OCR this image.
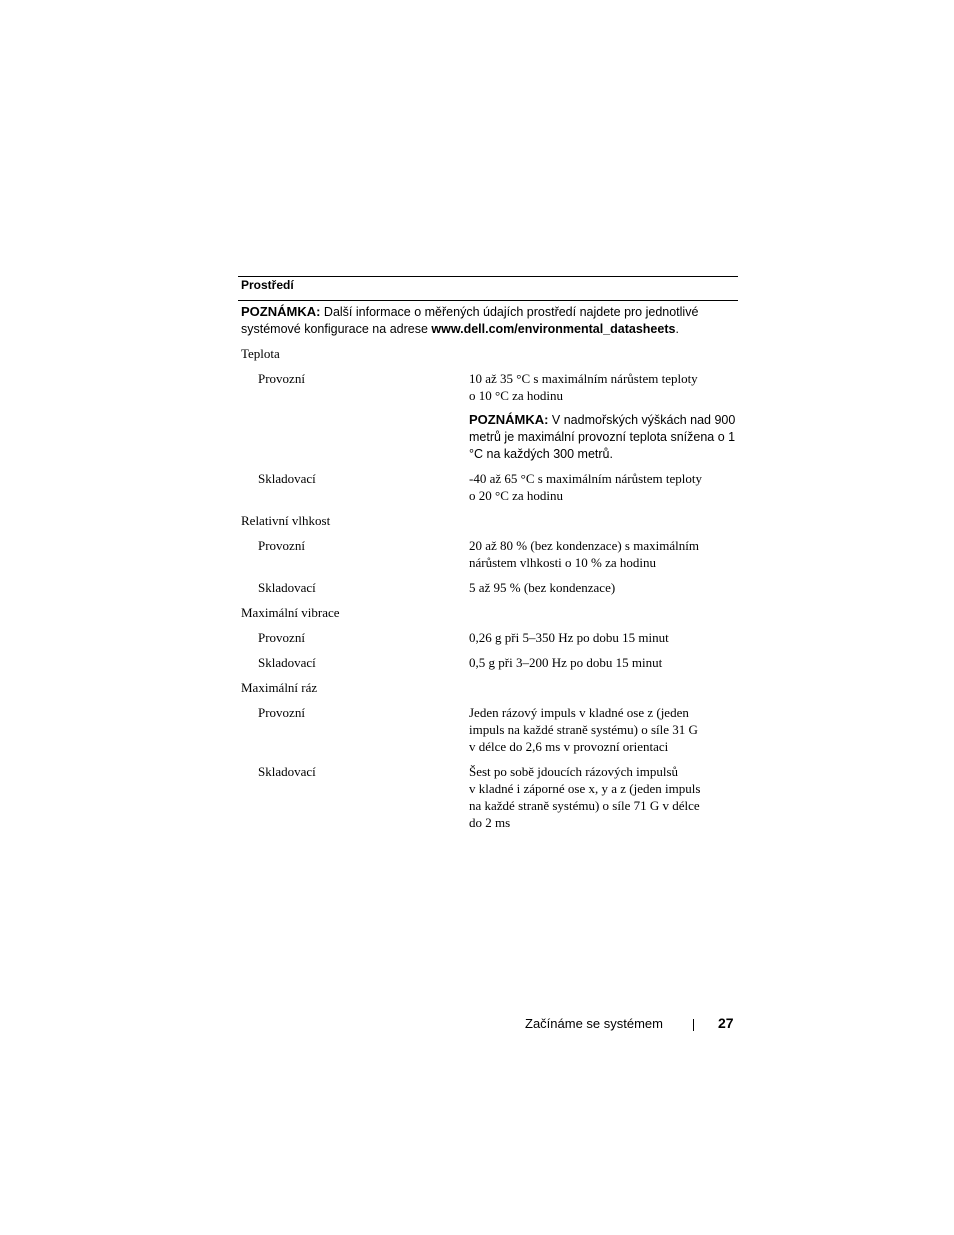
Prostředí
POZNÁMKA: Další informace o měřených údajích prostředí najdete pro jednotlivé systémové konfigurace na adrese www.dell.com/environmental_datasheets.
Teplota
Provozní	10 až 35 °C s maximálním nárůstem teploty
o 10 °C za hodinu
POZNÁMKA: V nadmořských výškách nad 900 metrů je maximální provozní teplota snížena o 1 °C na každých 300 metrů.
Skladovací	-40 až 65 °C s maximálním nárůstem teploty
o 20 °C za hodinu
Relativní vlhkost
Provozní	20 až 80 % (bez kondenzace) s maximálním
nárůstem vlhkosti o 10 % za hodinu
Skladovací	5 až 95 % (bez kondenzace)
Maximální vibrace
Provozní	0,26 g při 5–350 Hz po dobu 15 minut
Skladovací	0,5 g při 3–200 Hz po dobu 15 minut
Maximální ráz
Provozní	Jeden rázový impuls v kladné ose z (jeden
impuls na každé straně systému) o síle 31 G
v délce do 2,6 ms v provozní orientaci
Skladovací	Šest po sobě jdoucích rázových impulsů
v kladné i záporné ose x, y a z (jeden impuls
na každé straně systému) o síle 71 G v délce
do 2 ms
Začínáme se systémem	27
